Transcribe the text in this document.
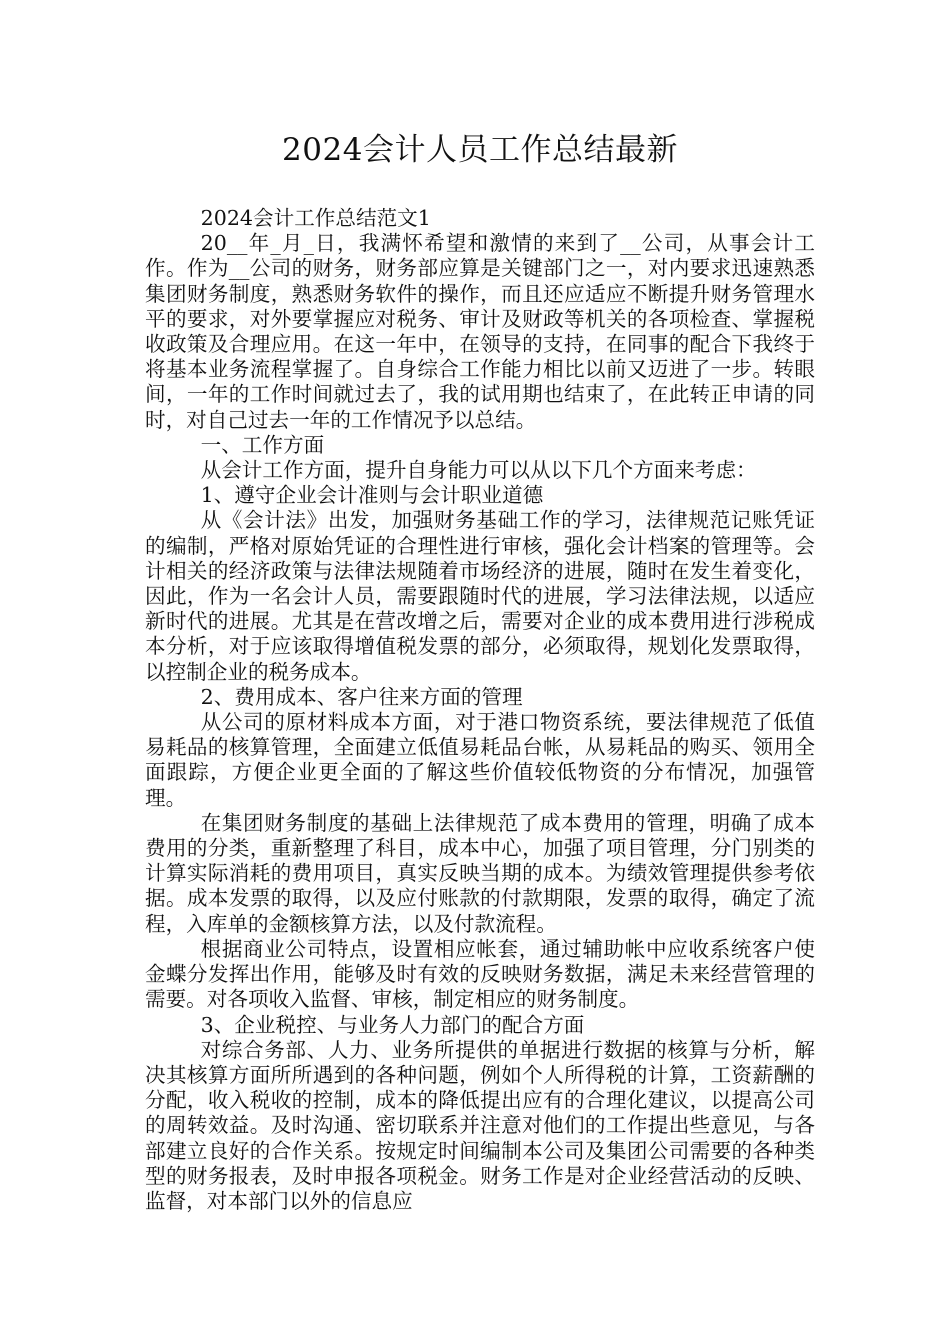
2024会计人员工作总结最新

2024会计工作总结范文1

20__年_月_日，我满怀希望和激情的来到了__公司，从事会计工作。作为__公司的财务，财务部应算是关键部门之一，对内要求迅速熟悉集团财务制度，熟悉财务软件的操作，而且还应适应不断提升财务管理水平的要求，对外要掌握应对税务、审计及财政等机关的各项检查、掌握税收政策及合理应用。在这一年中，在领导的支持，在同事的配合下我终于将基本业务流程掌握了。自身综合工作能力相比以前又迈进了一步。转眼间，一年的工作时间就过去了，我的试用期也结束了，在此转正申请的同时，对自己过去一年的工作情况予以总结。

一、工作方面

从会计工作方面，提升自身能力可以从以下几个方面来考虑：

1、遵守企业会计准则与会计职业道德

从《会计法》出发，加强财务基础工作的学习，法律规范记账凭证的编制，严格对原始凭证的合理性进行审核，强化会计档案的管理等。会计相关的经济政策与法律法规随着市场经济的进展，随时在发生着变化，因此，作为一名会计人员，需要跟随时代的进展，学习法律法规，以适应新时代的进展。尤其是在营改增之后，需要对企业的成本费用进行涉税成本分析，对于应该取得增值税发票的部分，必须取得，规划化发票取得，以控制企业的税务成本。

2、费用成本、客户往来方面的管理

从公司的原材料成本方面，对于港口物资系统，要法律规范了低值易耗品的核算管理，全面建立低值易耗品台帐，从易耗品的购买、领用全面跟踪，方便企业更全面的了解这些价值较低物资的分布情况，加强管理。

在集团财务制度的基础上法律规范了成本费用的管理，明确了成本费用的分类，重新整理了科目，成本中心，加强了项目管理，分门别类的计算实际消耗的费用项目，真实反映当期的成本。为绩效管理提供参考依据。成本发票的取得，以及应付账款的付款期限，发票的取得，确定了流程，入库单的金额核算方法，以及付款流程。

根据商业公司特点，设置相应帐套，通过辅助帐中应收系统客户使金蝶分发挥出作用，能够及时有效的反映财务数据，满足未来经营管理的需要。对各项收入监督、审核，制定相应的财务制度。

3、企业税控、与业务人力部门的配合方面

对综合务部、人力、业务所提供的单据进行数据的核算与分析，解决其核算方面所所遇到的各种问题，例如个人所得税的计算，工资薪酬的分配，收入税收的控制，成本的降低提出应有的合理化建议，以提高公司的周转效益。及时沟通、密切联系并注意对他们的工作提出些意见，与各部建立良好的合作关系。按规定时间编制本公司及集团公司需要的各种类型的财务报表，及时申报各项税金。财务工作是对企业经营活动的反映、监督，对本部门以外的信息应
